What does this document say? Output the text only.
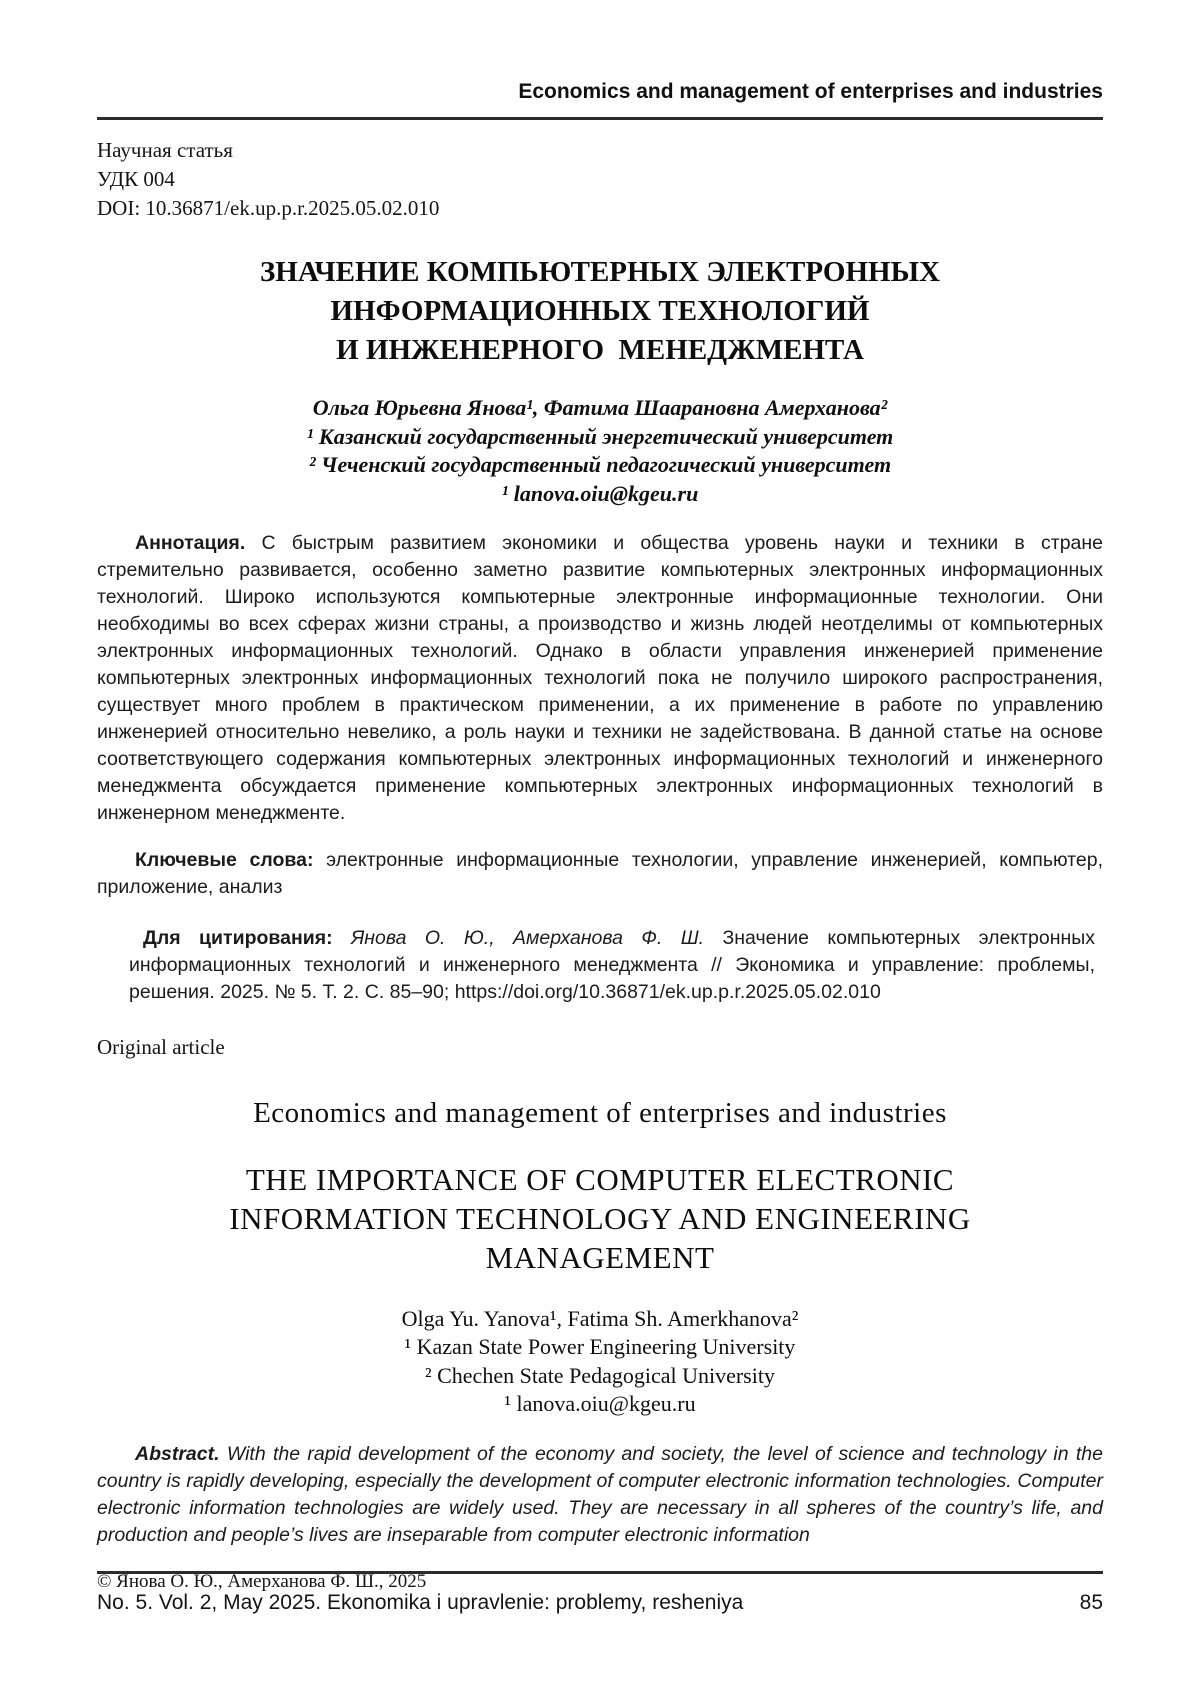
Economics and management of enterprises and industries
Научная статья
УДК 004
DOI: 10.36871/ek.up.p.r.2025.05.02.010
ЗНАЧЕНИЕ КОМПЬЮТЕРНЫХ ЭЛЕКТРОННЫХ
ИНФОРМАЦИОННЫХ ТЕХНОЛОГИЙ
И ИНЖЕНЕРНОГО  МЕНЕДЖМЕНТА
Ольга Юрьевна Янова¹, Фатима Шаарановна Амерханова²
¹ Казанский государственный энергетический университет
² Чеченский государственный педагогический университет
¹ lanova.oiu@kgeu.ru

Аннотация. С быстрым развитием экономики и общества уровень науки и техники в стране стремительно развивается, особенно заметно развитие компьютерных электронных информационных технологий. Широко используются компьютерные электронные информационные технологии. Они необходимы во всех сферах жизни страны, а производство и жизнь людей неотделимы от компьютерных электронных информационных технологий. Однако в области управления инженерией применение компьютерных электронных информационных технологий пока не получило широкого распространения, существует много проблем в практическом применении, а их применение в работе по управлению инженерией относительно невелико, а роль науки и техники не задействована. В данной статье на основе соответствующего содержания компьютерных электронных информационных технологий и инженерного менеджмента обсуждается применение компьютерных электронных информационных технологий в инженерном менеджменте.

Ключевые слова: электронные информационные технологии, управление инженерией, компьютер, приложение, анализ

Для цитирования: Янова О. Ю., Амерханова Ф. Ш. Значение компьютерных электронных информационных технологий и инженерного менеджмента // Экономика и управление: проблемы, решения. 2025. № 5. Т. 2. С. 85–90; https://doi.org/10.36871/ek.up.p.r.2025.05.02.010

Original article
Economics and management of enterprises and industries
THE IMPORTANCE OF COMPUTER ELECTRONIC
INFORMATION TECHNOLOGY AND ENGINEERING
MANAGEMENT
Olga Yu. Yanova¹, Fatima Sh. Amerkhanova²
¹ Kazan State Power Engineering University
² Chechen State Pedagogical University
¹ lanova.oiu@kgeu.ru

Abstract. With the rapid development of the economy and society, the level of science and technology in the country is rapidly developing, especially the development of computer electronic information technologies. Computer electronic information technologies are widely used. They are necessary in all spheres of the country’s life, and production and people’s lives are inseparable from computer electronic information

© Янова О. Ю., Амерханова Ф. Ш., 2025
No. 5. Vol. 2, May 2025. Ekonomika i upravlenie: problemy, resheniya	85
